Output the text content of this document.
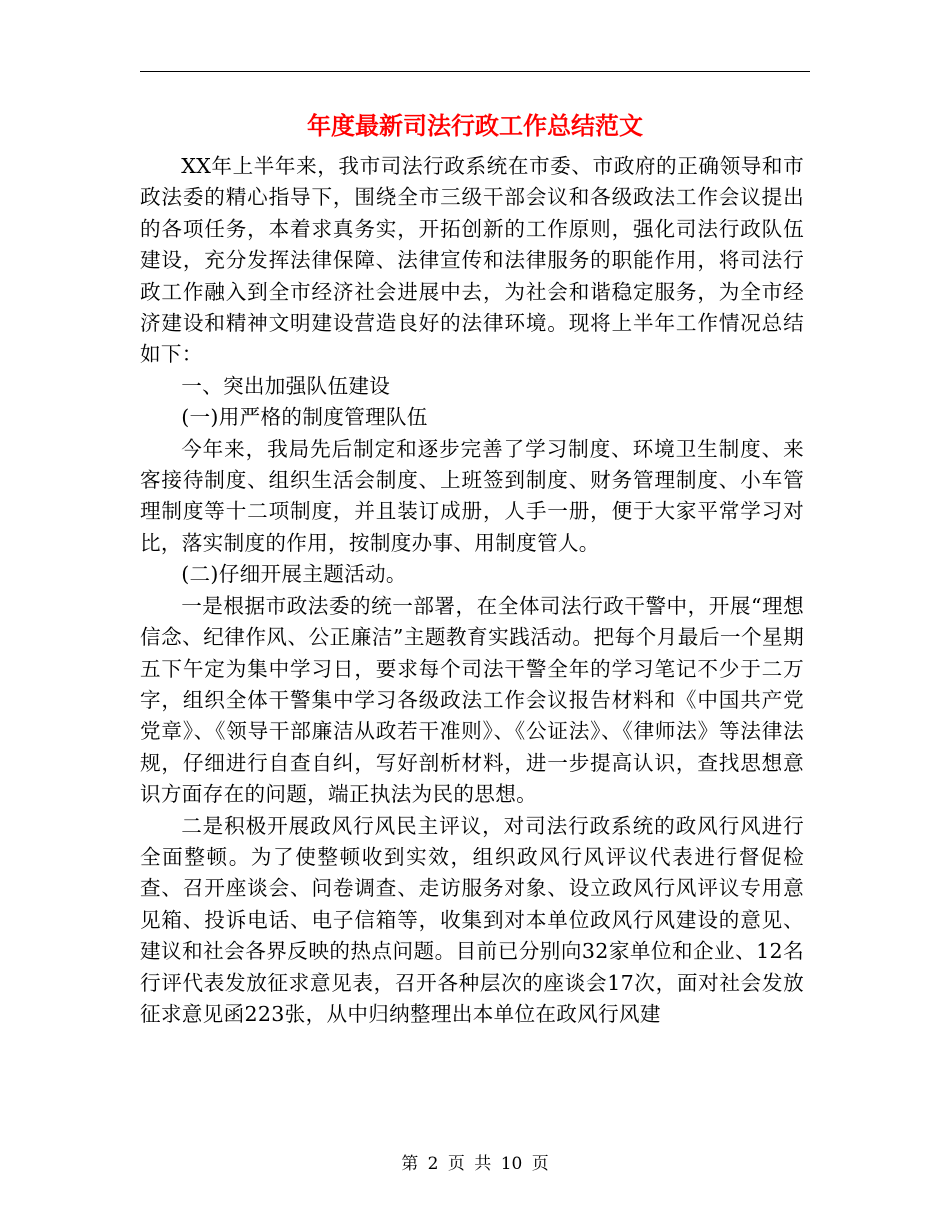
年度最新司法行政工作总结范文

XX年上半年来，我市司法行政系统在市委、市政府的正确领导和市政法委的精心指导下，围绕全市三级干部会议和各级政法工作会议提出的各项任务，本着求真务实，开拓创新的工作原则，强化司法行政队伍建设，充分发挥法律保障、法律宣传和法律服务的职能作用，将司法行政工作融入到全市经济社会进展中去，为社会和谐稳定服务，为全市经济建设和精神文明建设营造良好的法律环境。现将上半年工作情况总结如下：

一、突出加强队伍建设

(一)用严格的制度管理队伍

今年来，我局先后制定和逐步完善了学习制度、环境卫生制度、来客接待制度、组织生活会制度、上班签到制度、财务管理制度、小车管理制度等十二项制度，并且装订成册，人手一册，便于大家平常学习对比，落实制度的作用，按制度办事、用制度管人。

(二)仔细开展主题活动。

一是根据市政法委的统一部署，在全体司法行政干警中，开展“理想信念、纪律作风、公正廉洁”主题教育实践活动。把每个月最后一个星期五下午定为集中学习日，要求每个司法干警全年的学习笔记不少于二万字，组织全体干警集中学习各级政法工作会议报告材料和《中国共产党党章》、《领导干部廉洁从政若干准则》、《公证法》、《律师法》等法律法规，仔细进行自查自纠，写好剖析材料，进一步提高认识，查找思想意识方面存在的问题，端正执法为民的思想。

二是积极开展政风行风民主评议，对司法行政系统的政风行风进行全面整顿。为了使整顿收到实效，组织政风行风评议代表进行督促检查、召开座谈会、问卷调查、走访服务对象、设立政风行风评议专用意见箱、投诉电话、电子信箱等，收集到对本单位政风行风建设的意见、建议和社会各界反映的热点问题。目前已分别向32家单位和企业、12名行评代表发放征求意见表，召开各种层次的座谈会17次，面对社会发放征求意见函223张，从中归纳整理出本单位在政风行风建

第 2 页 共 10 页
